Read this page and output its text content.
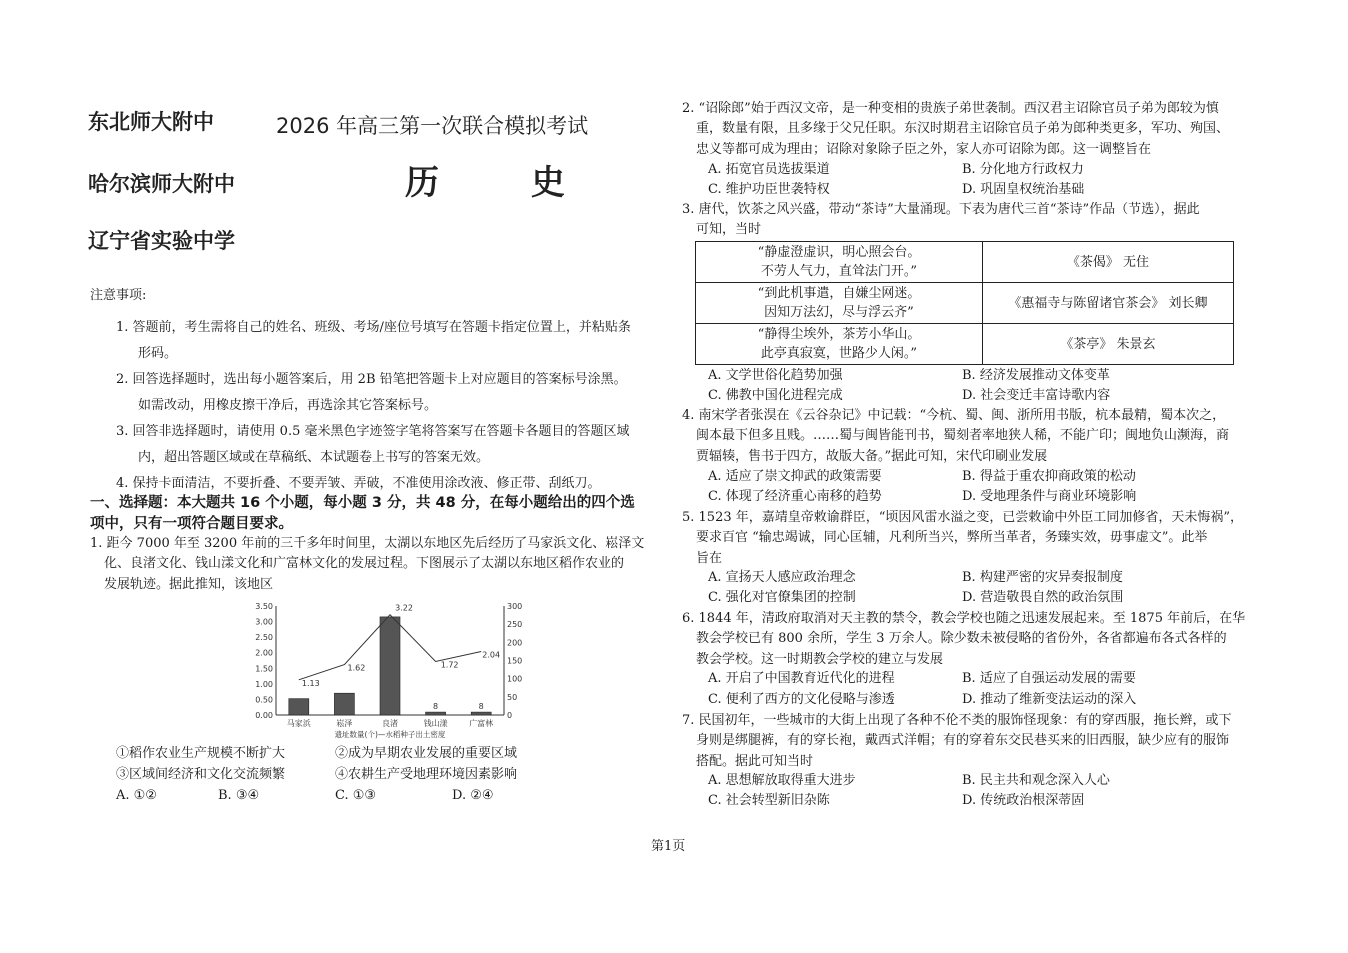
东北师大附中	2026 年高三第一次联合模拟考试
哈尔滨师大附中	历 史
辽宁省实验中学
注意事项:
1. 答题前，考生需将自己的姓名、班级、考场/座位号填写在答题卡指定位置上，并粘贴条
形码。
2. 回答选择题时，选出每小题答案后，用 2B 铅笔把答题卡上对应题目的答案标号涂黑。
如需改动，用橡皮擦干净后，再选涂其它答案标号。
3. 回答非选择题时，请使用 0.5 毫米黑色字迹签字笔将答案写在答题卡各题目的答题区域
内，超出答题区域或在草稿纸、本试题卷上书写的答案无效。
4. 保持卡面清洁，不要折叠、不要弄皱、弄破，不准使用涂改液、修正带、刮纸刀。
一、选择题：本大题共 16 个小题，每小题 3 分，共 48 分，在每小题给出的四个选
项中，只有一项符合题目要求。
1. 距今 7000 年至 3200 年前的三千多年时间里，太湖以东地区先后经历了马家浜文化、崧泽文
化、良渚文化、钱山漾文化和广富林文化的发展过程。下图展示了太湖以东地区稻作农业的
发展轨迹。据此推知，该地区
0.00
0.50
1.00
1.50
2.00
2.50
3.00
3.50
0
50
100
150
200
250
300
8	8
1.13
1.62
3.22
1.72
2.04
马家浜	崧泽	良渚	钱山漾	广富林
遗址数量(个)—水稻种子出土密度
①稻作农业生产规模不断扩大	②成为早期农业发展的重要区域
③区域间经济和文化交流频繁	④农耕生产受地理环境因素影响
A. ①②	B. ③④	C. ①③	D. ②④
2. “诏除郎”始于西汉文帝，是一种变相的贵族子弟世袭制。西汉君主诏除官员子弟为郎较为慎
重，数量有限，且多缘于父兄任职。东汉时期君主诏除官员子弟为郎种类更多，军功、殉国、
忠义等都可成为理由；诏除对象除子臣之外，家人亦可诏除为郎。这一调整旨在
A. 拓宽官员选拔渠道	B. 分化地方行政权力
C. 维护功臣世袭特权	D. 巩固皇权统治基础
3. 唐代，饮茶之风兴盛，带动“茶诗”大量涌现。下表为唐代三首“茶诗”作品（节选），据此
可知，当时
“静虚澄虚识，明心照会台。
不劳人气力，直耸法门开。”	《茶偈》 无住

“到此机事遣，自嫌尘网迷。
因知万法幻，尽与浮云齐”	《惠福寺与陈留诸官茶会》 刘长卿

“静得尘埃外，茶芳小华山。
此亭真寂寞，世路少人闲。”	《茶亭》 朱景玄
A. 文学世俗化趋势加强	B. 经济发展推动文体变革
C. 佛教中国化进程完成	D. 社会变迁丰富诗歌内容
4. 南宋学者张淏在《云谷杂记》中记载：“今杭、蜀、闽、浙所用书版，杭本最精，蜀本次之，
闽本最下但多且贱。……蜀与闽皆能刊书，蜀刻者率地狭人稀，不能广印；闽地负山濒海，商
贾辐辏，售书于四方，故版大备。”据此可知，宋代印刷业发展
A. 适应了崇文抑武的政策需要	B. 得益于重农抑商政策的松动
C. 体现了经济重心南移的趋势	D. 受地理条件与商业环境影响
5. 1523 年，嘉靖皇帝敕谕群臣，“顷因风雷水溢之变，已尝敕谕中外臣工同加修省，天未悔祸”，
要求百官 “输忠竭诚，同心匡辅，凡利所当兴，弊所当革者，务臻实效，毋事虚文”。此举
旨在
A. 宣扬天人感应政治理念	B. 构建严密的灾异奏报制度
C. 强化对官僚集团的控制	D. 营造敬畏自然的政治氛围
6. 1844 年，清政府取消对天主教的禁令，教会学校也随之迅速发展起来。至 1875 年前后，在华
教会学校已有 800 余所，学生 3 万余人。除少数未被侵略的省份外，各省都遍布各式各样的
教会学校。这一时期教会学校的建立与发展
A. 开启了中国教育近代化的进程	B. 适应了自强运动发展的需要
C. 便利了西方的文化侵略与渗透	D. 推动了维新变法运动的深入
7. 民国初年，一些城市的大街上出现了各种不伦不类的服饰怪现象：有的穿西服，拖长辫，或下
身则是绑腿裤，有的穿长袍，戴西式洋帽；有的穿着东交民巷买来的旧西服，缺少应有的服饰
搭配。据此可知当时
A. 思想解放取得重大进步	B. 民主共和观念深入人心
C. 社会转型新旧杂陈	D. 传统政治根深蒂固
第1页
